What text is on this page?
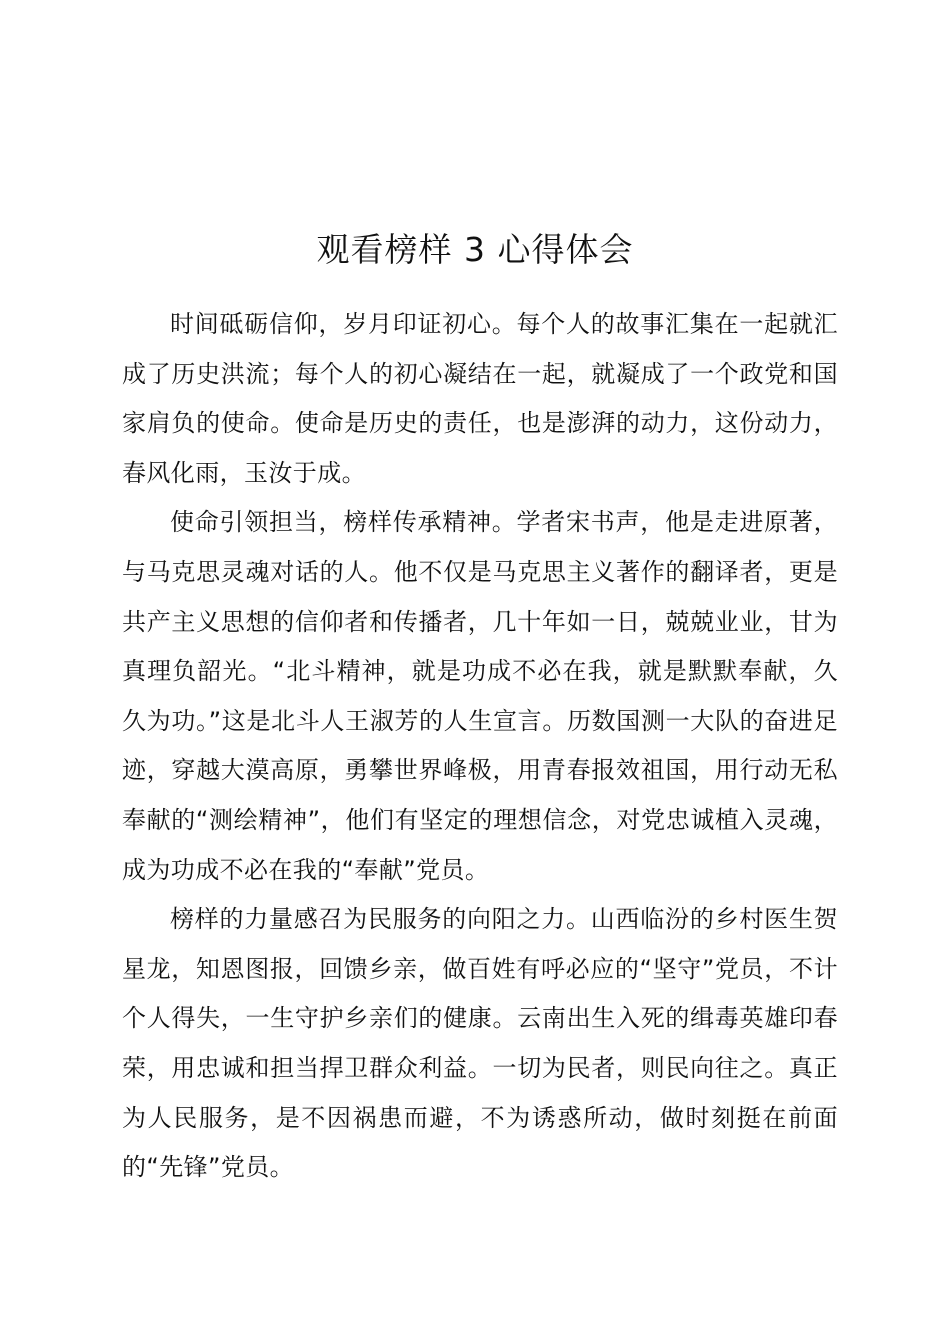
观看榜样 3 心得体会

时间砥砺信仰，岁月印证初心。每个人的故事汇集在一起就汇成了历史洪流；每个人的初心凝结在一起，就凝成了一个政党和国家肩负的使命。使命是历史的责任，也是澎湃的动力，这份动力，春风化雨，玉汝于成。

使命引领担当，榜样传承精神。学者宋书声，他是走进原著，与马克思灵魂对话的人。他不仅是马克思主义著作的翻译者，更是共产主义思想的信仰者和传播者，几十年如一日，兢兢业业，甘为真理负韶光。“北斗精神，就是功成不必在我，就是默默奉献，久久为功。”这是北斗人王淑芳的人生宣言。历数国测一大队的奋进足迹，穿越大漠高原，勇攀世界峰极，用青春报效祖国，用行动无私奉献的“测绘精神”，他们有坚定的理想信念，对党忠诚植入灵魂，成为功成不必在我的“奉献”党员。

榜样的力量感召为民服务的向阳之力。山西临汾的乡村医生贺星龙，知恩图报，回馈乡亲，做百姓有呼必应的“坚守”党员，不计个人得失，一生守护乡亲们的健康。云南出生入死的缉毒英雄印春荣，用忠诚和担当捍卫群众利益。一切为民者，则民向往之。真正为人民服务，是不因祸患而避，不为诱惑所动，做时刻挺在前面的“先锋”党员。
